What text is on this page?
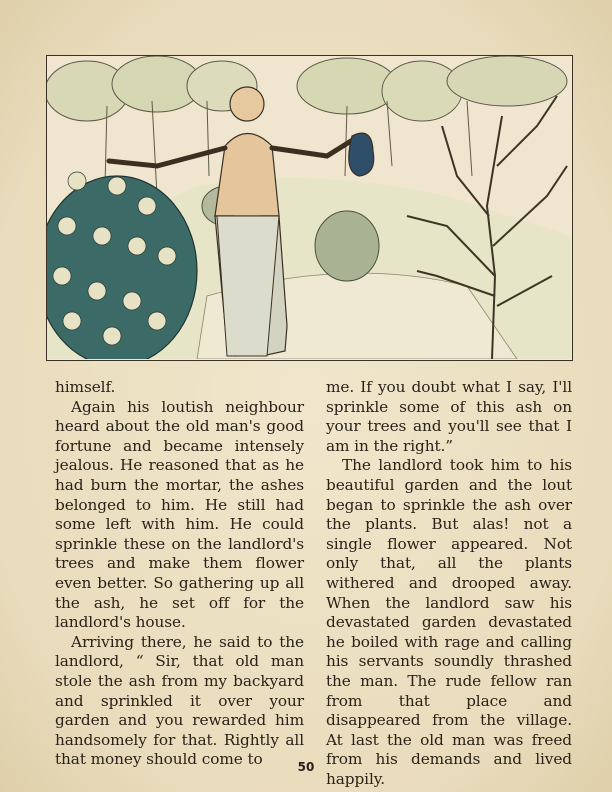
himself.

Again his loutish neighbour heard about the old man's good fortune and became intensely jealous. He reasoned that as he had burn the mortar, the ashes belonged to him. He still had some left with him. He could sprinkle these on the landlord's trees and make them flower even better. So gathering up all the ash, he set off for the landlord's house.

Arriving there, he said to the landlord, “ Sir, that old man stole the ash from my backyard and sprinkled it over your garden and you rewarded him handsomely for that. Rightly all that money should come to

me. If you doubt what I say, I'll sprinkle some of this ash on your trees and you'll see that I am in the right.”

The landlord took him to his beautiful garden and the lout began to sprinkle the ash over the plants. But alas! not a single flower appeared. Not only that, all the plants withered and drooped away. When the landlord saw his devastated garden devastated he boiled with rage and calling his servants soundly thrashed the man. The rude fellow ran from that place and disappeared from the village. At last the old man was freed from his demands and lived happily.

50
